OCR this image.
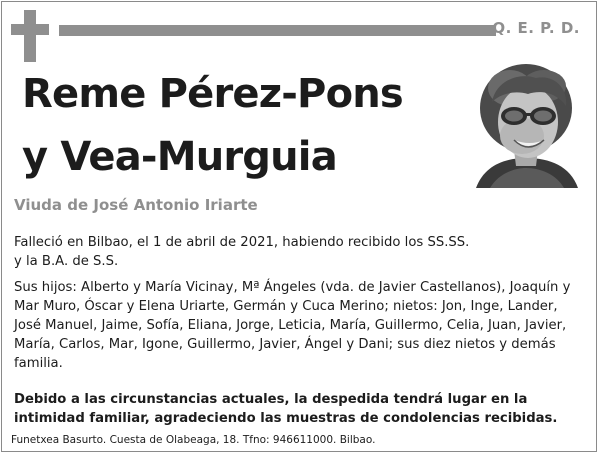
Q. E. P. D.
Reme Pérez-Pons
y Vea-Murguia
Viuda de José Antonio Iriarte
Falleció en Bilbao, el 1 de abril de 2021, habiendo recibido los SS.SS.
y la B.A. de S.S.
Sus hijos: Alberto y María Vicinay, Mª Ángeles (vda. de Javier Castellanos), Joaquín y Mar Muro, Óscar y Elena Uriarte, Germán y Cuca Merino; nietos: Jon, Inge, Lander, José Manuel, Jaime, Sofía, Eliana, Jorge, Leticia, María, Guillermo, Celia, Juan, Javier, María, Carlos, Mar, Igone, Guillermo, Javier, Ángel y Dani; sus diez nietos y demás familia.
Debido a las circunstancias actuales, la despedida tendrá lugar en la intimidad familiar, agradeciendo las muestras de condolencias recibidas.
Funetxea Basurto. Cuesta de Olabeaga, 18. Tfno: 946611000. Bilbao.
